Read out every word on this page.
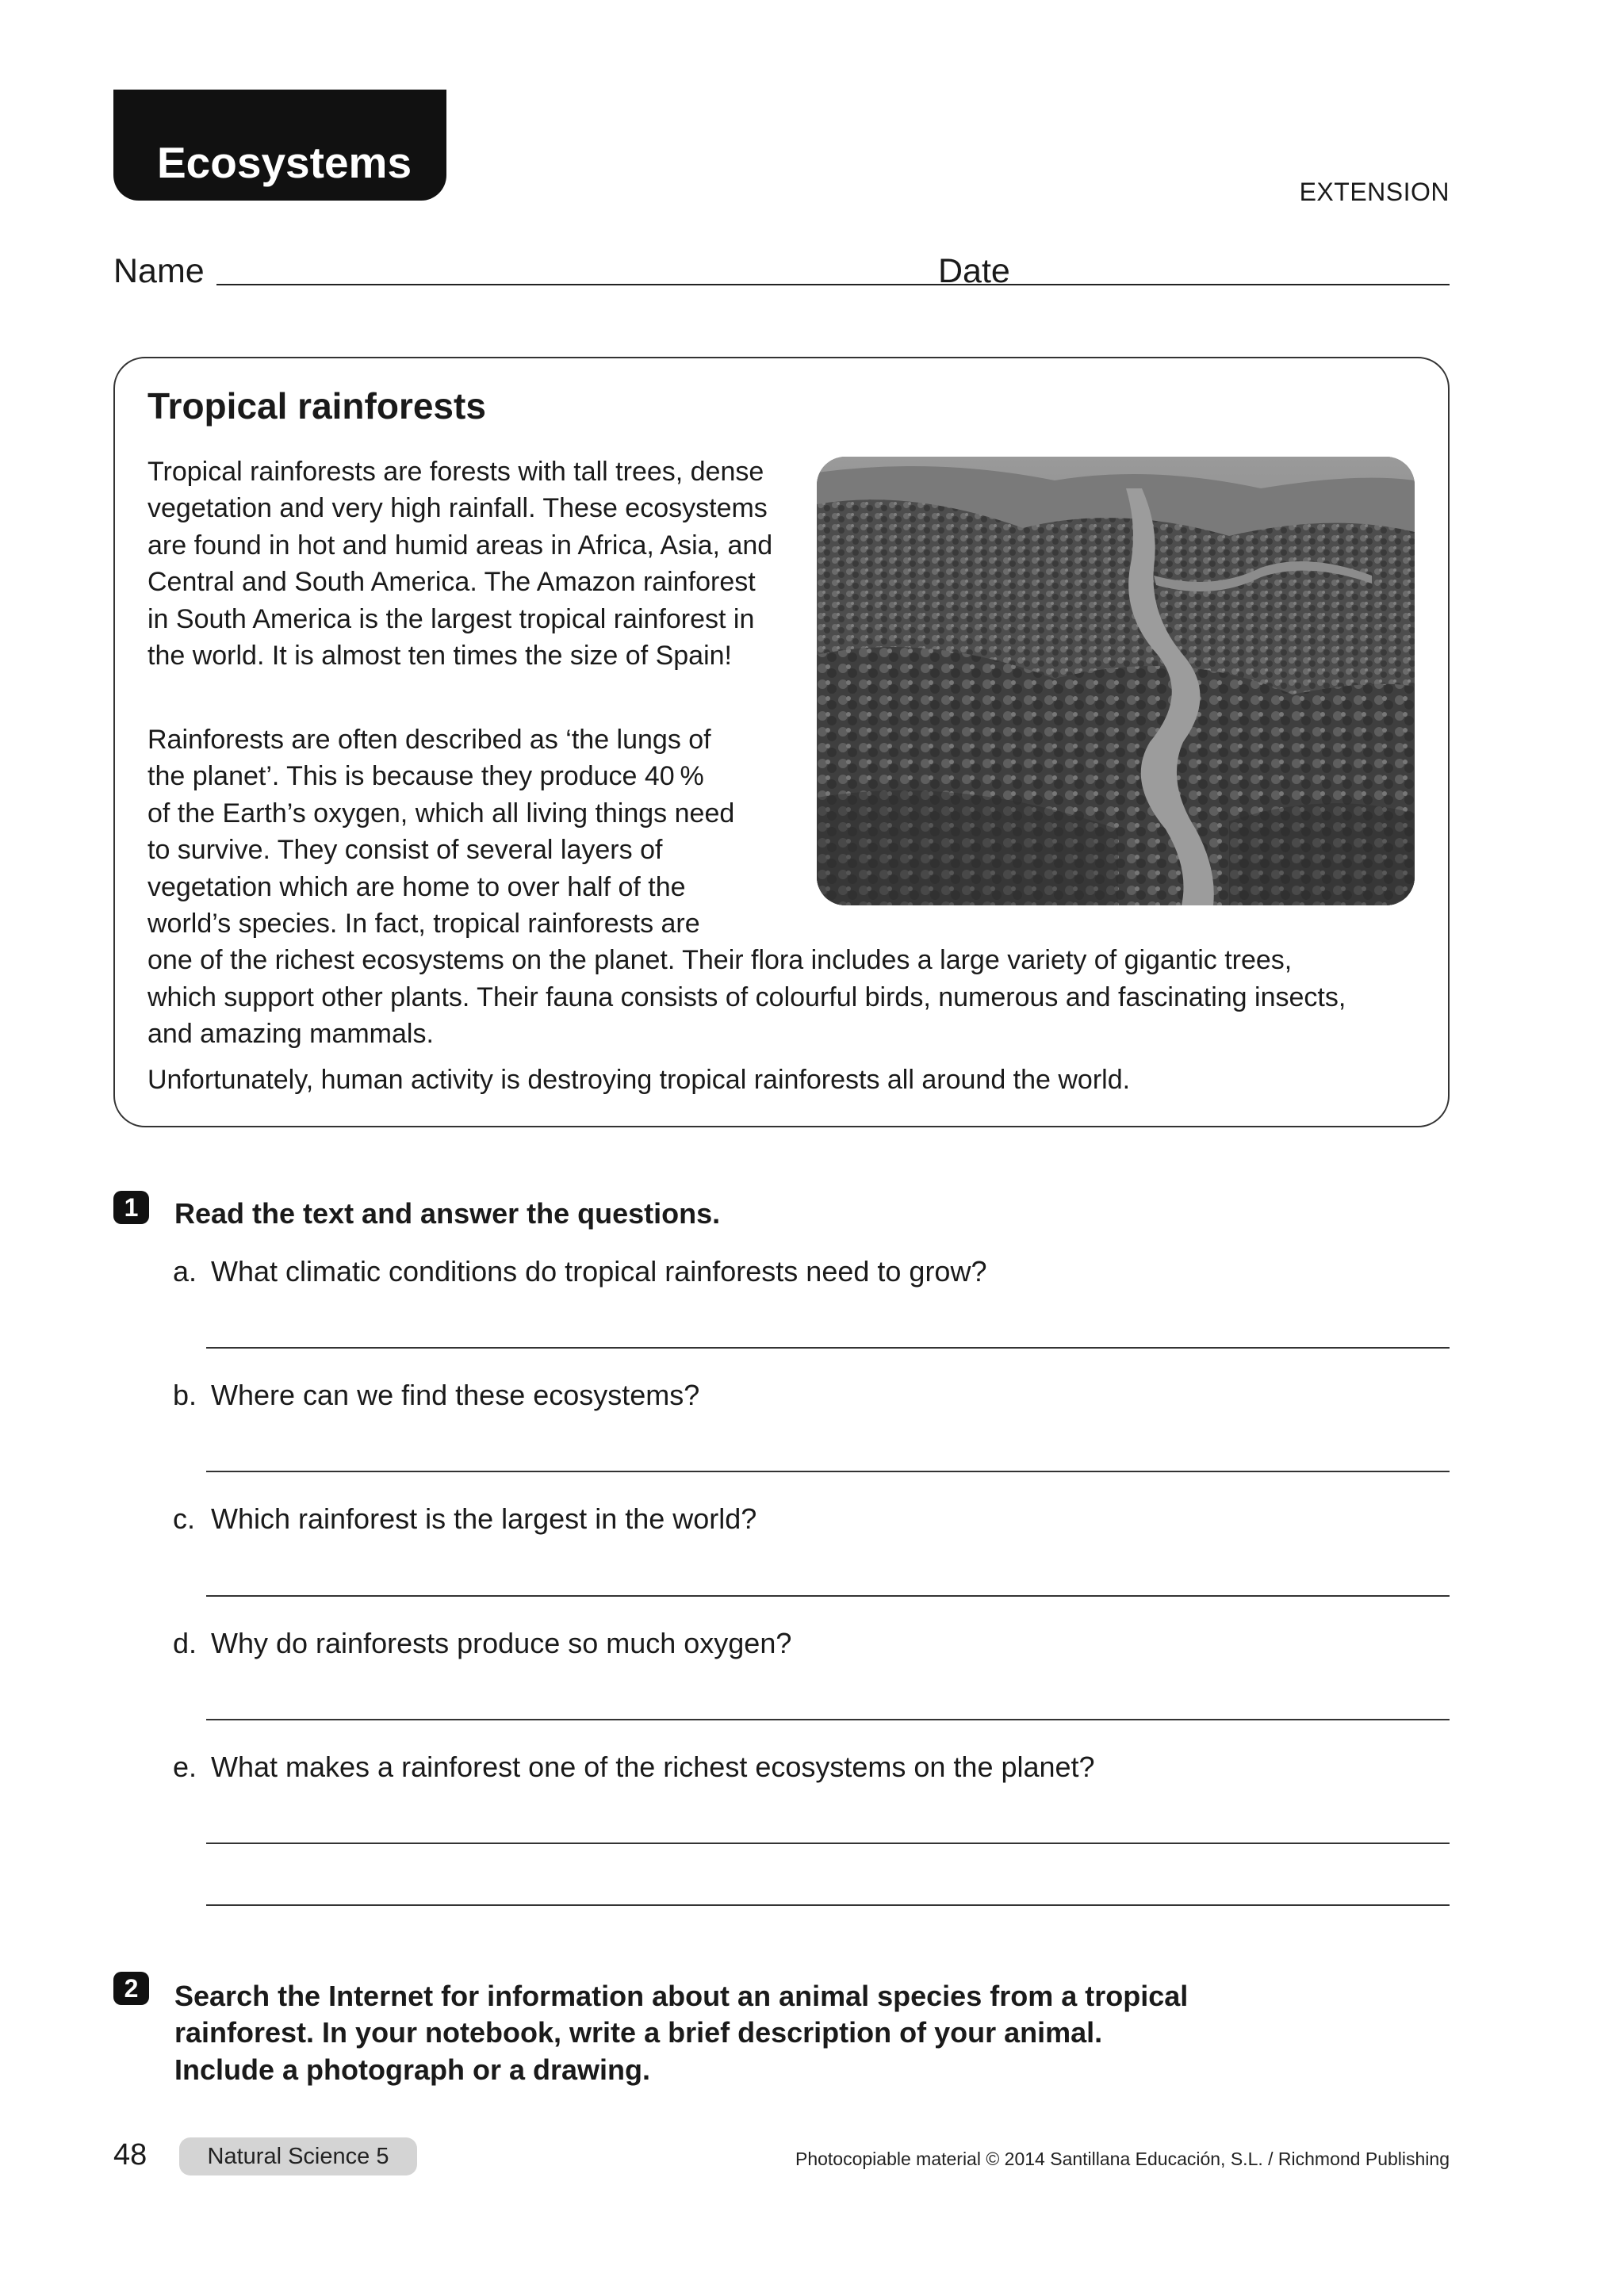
Ecosystems
EXTENSION
Name	Date
Tropical rainforests
Tropical rainforests are forests with tall trees, dense vegetation and very high rainfall. These ecosystems are found in hot and humid areas in Africa, Asia, and Central and South America. The Amazon rainforest in South America is the largest tropical rainforest in the world. It is almost ten times the size of Spain!
Rainforests are often described as ‘the lungs of
the planet’. This is because they produce 40 %
of the Earth’s oxygen, which all living things need
to survive. They consist of several layers of
vegetation which are home to over half of the
world’s species. In fact, tropical rainforests are
one of the richest ecosystems on the planet. Their flora includes a large variety of gigantic trees,
which support other plants. Their fauna consists of colourful birds, numerous and fascinating insects,
and amazing mammals.
Unfortunately, human activity is destroying tropical rainforests all around the world.
1	Read the text and answer the questions.
a. What climatic conditions do tropical rainforests need to grow?
b. Where can we find these ecosystems?
c. Which rainforest is the largest in the world?
d. Why do rainforests produce so much oxygen?
e. What makes a rainforest one of the richest ecosystems on the planet?
2	Search the Internet for information about an animal species from a tropical
rainforest. In your notebook, write a brief description of your animal.
Include a photograph or a drawing.
48	Natural Science 5	Photocopiable material © 2014 Santillana Educación, S.L. / Richmond Publishing
